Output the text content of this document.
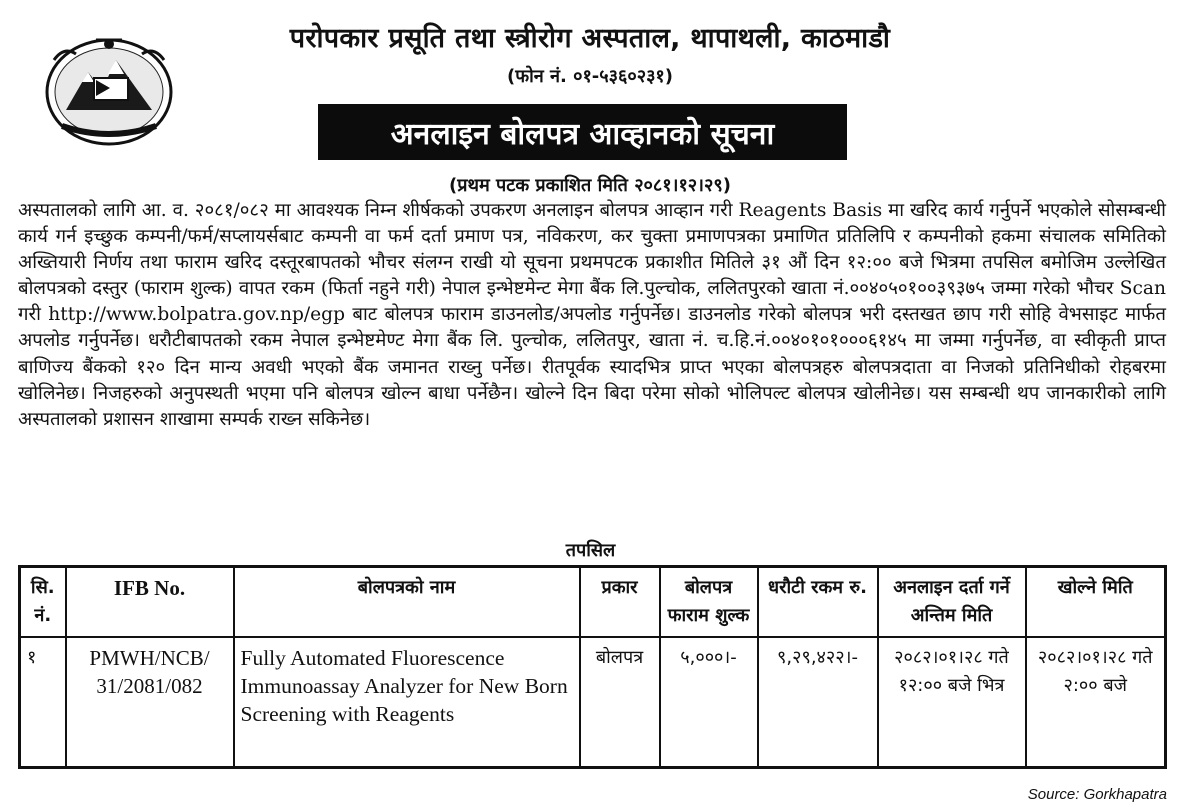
परोपकार प्रसूति तथा स्त्रीरोग अस्पताल, थापाथली, काठमाडौ
(फोन नं. ०१-५३६०२३१)
अनलाइन बोलपत्र आव्हानको सूचना
(प्रथम पटक प्रकाशित मिति २०८१।१२।२९)
अस्पतालको लागि आ. व. २०८१/०८२ मा आवश्यक निम्न शीर्षकको उपकरण अनलाइन बोलपत्र आव्हान गरी Reagents Basis मा खरिद कार्य गर्नुपर्ने भएकोले सोसम्बन्धी कार्य गर्न इच्छुक कम्पनी/फर्म/सप्लायर्सबाट कम्पनी वा फर्म दर्ता प्रमाण पत्र, नविकरण, कर चुक्ता प्रमाणपत्रका प्रमाणित प्रतिलिपि र कम्पनीको हकमा संचालक समितिको अख्तियारी निर्णय तथा फाराम खरिद दस्तूरबापतको भौचर संलग्न राखी यो सूचना प्रथमपटक प्रकाशीत मितिले ३१ औं दिन १२:०० बजे भित्रमा तपसिल बमोजिम उल्लेखित बोलपत्रको दस्तुर (फाराम शुल्क) वापत रकम (फिर्ता नहुने गरी) नेपाल इन्भेष्टमेन्ट मेगा बैंक लि.पुल्चोक, ललितपुरको खाता नं.००४०५०१००३९३७५ जम्मा गरेको भौचर Scan गरी http://www.bolpatra.gov.np/egp बाट बोलपत्र फाराम डाउनलोड/अपलोड गर्नुपर्नेछ। डाउनलोड गरेको बोलपत्र भरी दस्तखत छाप गरी सोहि वेभसाइट मार्फत अपलोड गर्नुपर्नेछ। धरौटीबापतको रकम नेपाल इन्भेष्टमेण्ट मेगा बैंक लि. पुल्चोक, ललितपुर, खाता नं. च.हि.नं.००४०१०१०००६१४५ मा जम्मा गर्नुपर्नेछ, वा स्वीकृती प्राप्त बाणिज्य बैंकको १२० दिन मान्य अवधी भएको बैंक जमानत राख्नु पर्नेछ। रीतपूर्वक स्यादभित्र प्राप्त भएका बोलपत्रहरु बोलपत्रदाता वा निजको प्रतिनिधीको रोहबरमा खोलिनेछ। निजहरुको अनुपस्थती भएमा पनि बोलपत्र खोल्न बाधा पर्नेछैन। खोल्ने दिन बिदा परेमा सोको भोलिपल्ट बोलपत्र खोलीनेछ। यस सम्बन्धी थप जानकारीको लागि अस्पतालको प्रशासन शाखामा सम्पर्क राख्न सकिनेछ।
तपसिल
सि. नं.	IFB No.	बोलपत्रको नाम	प्रकार	बोलपत्र फाराम शुल्क	धरौटी रकम रु.	अनलाइन दर्ता गर्ने अन्तिम मिति	खोल्ने मिति
१	PMWH/NCB/ 31/2081/082	Fully Automated Fluorescence Immunoassay Analyzer for New Born Screening with Reagents	बोलपत्र	५,०००।-	९,२९,४२२।-	२०८२।०१।२८ गते १२:०० बजे भित्र	२०८२।०१।२८ गते २:०० बजे
Source: Gorkhapatra
